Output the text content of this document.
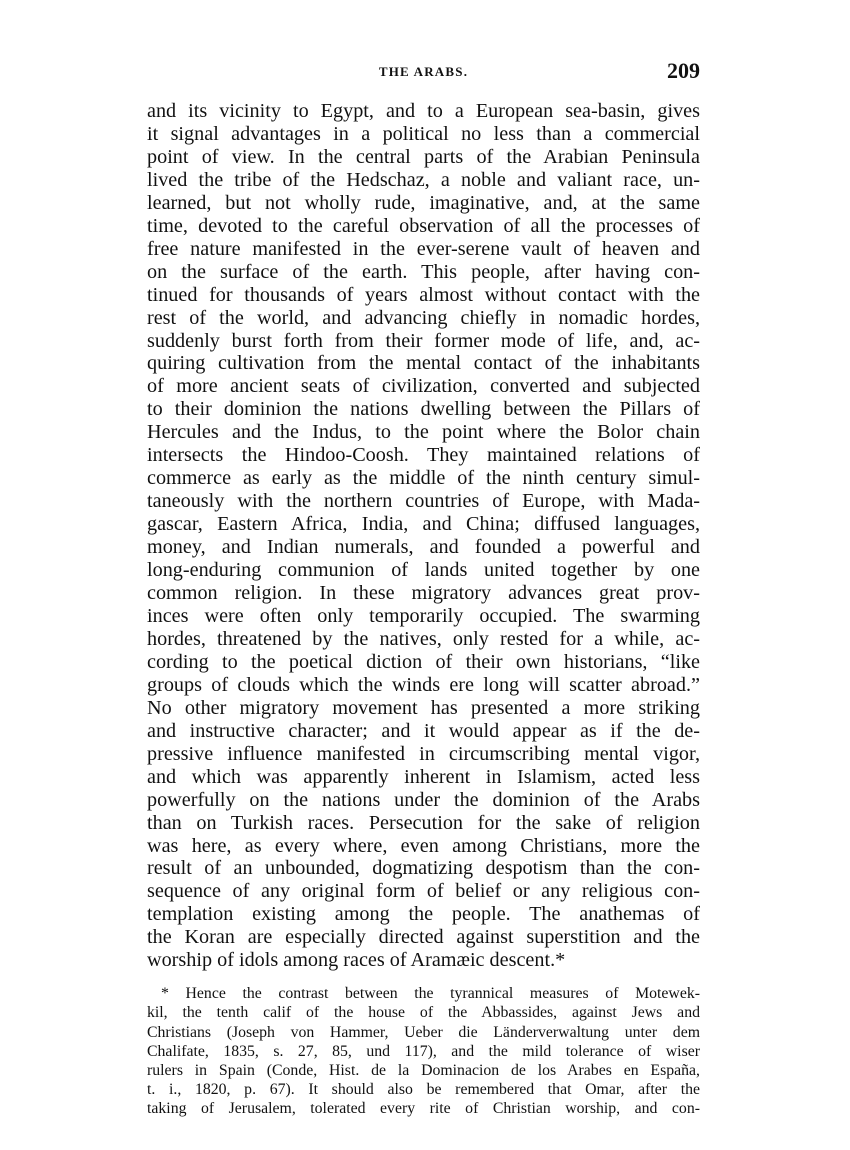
THE ARABS.	209
and its vicinity to Egypt, and to a European sea-basin, gives
it signal advantages in a political no less than a commercial
point of view. In the central parts of the Arabian Peninsula
lived the tribe of the Hedschaz, a noble and valiant race, un-
learned, but not wholly rude, imaginative, and, at the same
time, devoted to the careful observation of all the processes of
free nature manifested in the ever-serene vault of heaven and
on the surface of the earth. This people, after having con-
tinued for thousands of years almost without contact with the
rest of the world, and advancing chiefly in nomadic hordes,
suddenly burst forth from their former mode of life, and, ac-
quiring cultivation from the mental contact of the inhabitants
of more ancient seats of civilization, converted and subjected
to their dominion the nations dwelling between the Pillars of
Hercules and the Indus, to the point where the Bolor chain
intersects the Hindoo-Coosh. They maintained relations of
commerce as early as the middle of the ninth century simul-
taneously with the northern countries of Europe, with Mada-
gascar, Eastern Africa, India, and China; diffused languages,
money, and Indian numerals, and founded a powerful and
long-enduring communion of lands united together by one
common religion. In these migratory advances great prov-
inces were often only temporarily occupied. The swarming
hordes, threatened by the natives, only rested for a while, ac-
cording to the poetical diction of their own historians, “like
groups of clouds which the winds ere long will scatter abroad.”
No other migratory movement has presented a more striking
and instructive character; and it would appear as if the de-
pressive influence manifested in circumscribing mental vigor,
and which was apparently inherent in Islamism, acted less
powerfully on the nations under the dominion of the Arabs
than on Turkish races. Persecution for the sake of religion
was here, as every where, even among Christians, more the
result of an unbounded, dogmatizing despotism than the con-
sequence of any original form of belief or any religious con-
templation existing among the people. The anathemas of
the Koran are especially directed against superstition and the
worship of idols among races of Aramæic descent.*
* Hence the contrast between the tyrannical measures of Motewek-
kil, the tenth calif of the house of the Abbassides, against Jews and
Christians (Joseph von Hammer, Ueber die Länderverwaltung unter dem
Chalifate, 1835, s. 27, 85, und 117), and the mild tolerance of wiser
rulers in Spain (Conde, Hist. de la Dominacion de los Arabes en España,
t. i., 1820, p. 67). It should also be remembered that Omar, after the
taking of Jerusalem, tolerated every rite of Christian worship, and con-
